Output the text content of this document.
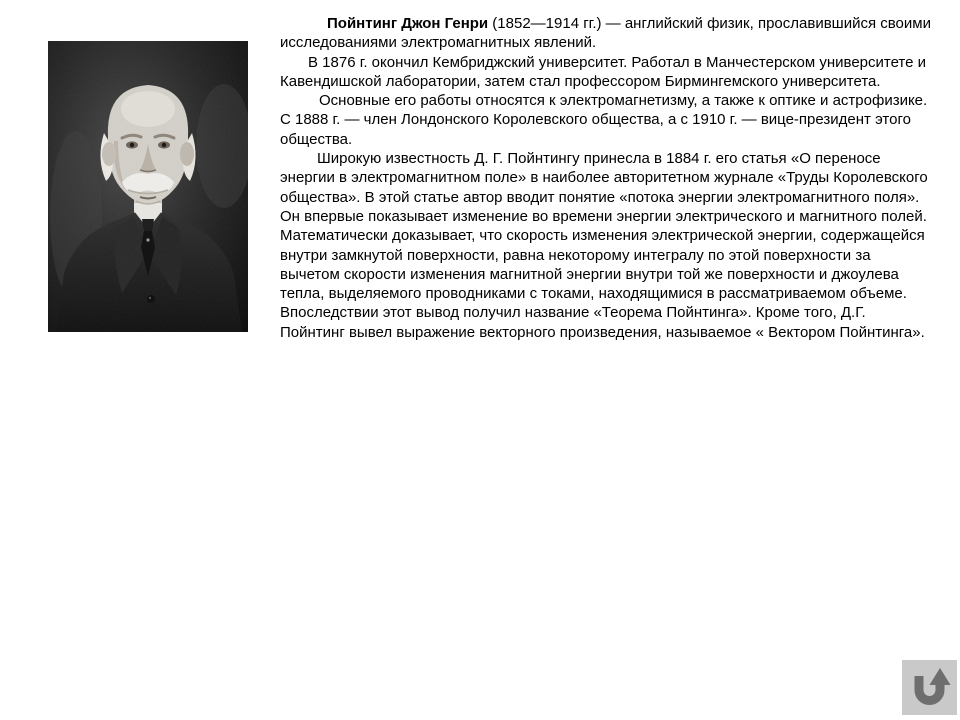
Пойнтинг Джон Генри (1852—1914 гг.) — английский физик, прославившийся своими исследованиями электромагнитных явлений.

В 1876 г. окончил Кембриджский университет. Работал в Манчестерском университете и Кавендишской лаборатории, затем стал профессором Бирмингемского университета.

Основные его работы относятся к электромагнетизму, а также к оптике и астрофизике. С 1888 г. — член Лондонского Королевского общества, а с 1910 г. — вице-президент этого общества.

Широкую известность Д. Г. Пойнтингу принесла в 1884 г. его статья «О переносе энергии в электромагнитном поле» в наиболее авторитетном журнале «Труды Королевского общества». В этой статье автор вводит понятие «потока энергии электромагнитного поля». Он впервые показывает изменение во времени энергии электрического и магнитного полей. Математически доказывает, что скорость изменения электрической энергии, содержащейся внутри замкнутой поверхности, равна некоторому интегралу по этой поверхности за вычетом скорости изменения магнитной энергии внутри той же поверхности и джоулева тепла, выделяемого проводниками с токами, находящимися в рассматриваемом объеме. Впоследствии этот вывод получил название «Теорема Пойнтинга». Кроме того, Д.Г. Пойнтинг вывел выражение векторного произведения, называемое « Вектором Пойнтинга».
